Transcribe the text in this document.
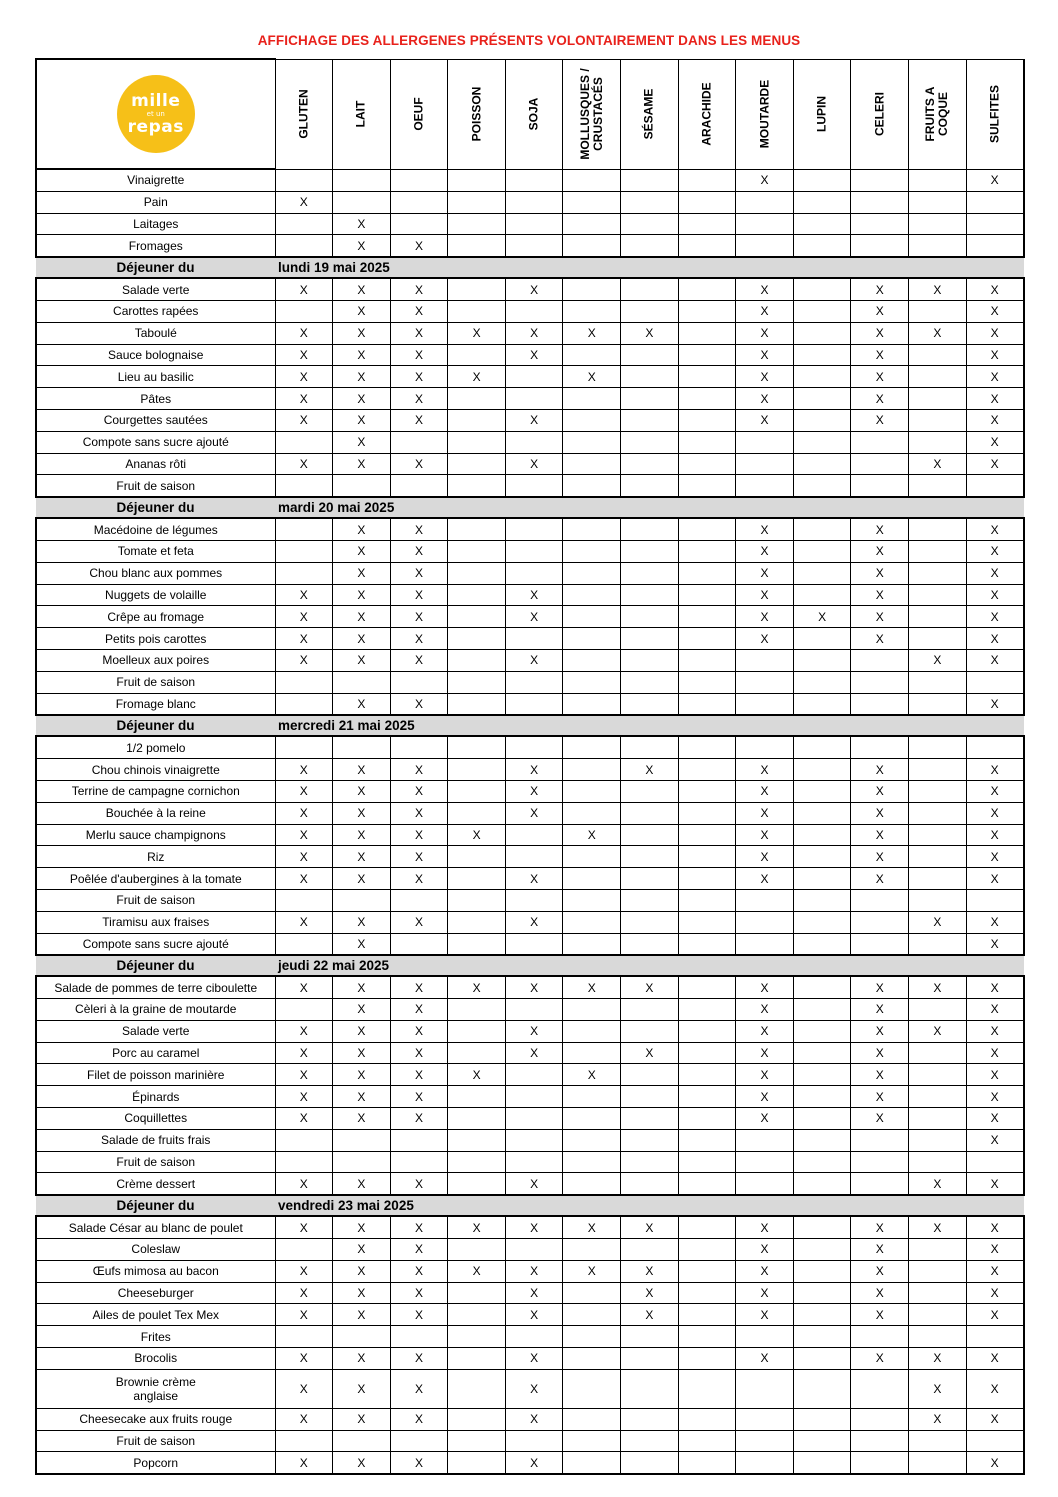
AFFICHAGE DES ALLERGENES PRÉSENTS VOLONTAIREMENT DANS LES MENUS
mille
et un
repas	GLUTEN	LAIT	OEUF	POISSON	SOJA	MOLLUSQUES /
CRUSTACÉS	SÉSAME	ARACHIDE	MOUTARDE	LUPIN	CELERI	FRUITS A
COQUE	SULFITES

Vinaigrette									X				X
Pain	X												
Laitages		X											
Fromages		X	X										
Déjeuner du	lundi 19 mai 2025												
Salade verte	X	X	X		X				X		X	X	X
Carottes rapées		X	X						X		X		X
Taboulé	X	X	X	X	X	X	X		X		X	X	X
Sauce bolognaise	X	X	X		X				X		X		X
Lieu au basilic	X	X	X	X		X			X		X		X
Pâtes	X	X	X						X		X		X
Courgettes sautées	X	X	X		X				X		X		X
Compote sans sucre ajouté		X											X
Ananas rôti	X	X	X		X							X	X
Fruit de saison													
Déjeuner du	mardi 20 mai 2025												
Macédoine de légumes		X	X						X		X		X
Tomate et feta		X	X						X		X		X
Chou blanc aux pommes		X	X						X		X		X
Nuggets de volaille	X	X	X		X				X		X		X
Crêpe au fromage	X	X	X		X				X	X	X		X
Petits pois carottes	X	X	X						X		X		X
Moelleux aux poires	X	X	X		X							X	X
Fruit de saison													
Fromage blanc		X	X										X
Déjeuner du	mercredi 21 mai 2025												
1/2 pomelo													
Chou chinois vinaigrette	X	X	X		X		X		X		X		X
Terrine de campagne cornichon	X	X	X		X				X		X		X
Bouchée à la reine	X	X	X		X				X		X		X
Merlu sauce champignons	X	X	X	X		X			X		X		X
Riz	X	X	X						X		X		X
Poêlée d'aubergines à la tomate	X	X	X		X				X		X		X
Fruit de saison													
Tiramisu aux fraises	X	X	X		X							X	X
Compote sans sucre ajouté		X											X
Déjeuner du	jeudi 22 mai 2025												
Salade de pommes de terre ciboulette	X	X	X	X	X	X	X		X		X	X	X
Cèleri à la graine de moutarde		X	X						X		X		X
Salade verte	X	X	X		X				X		X	X	X
Porc au caramel	X	X	X		X		X		X		X		X
Filet de poisson marinière	X	X	X	X		X			X		X		X
Épinards	X	X	X						X		X		X
Coquillettes	X	X	X						X		X		X
Salade de fruits frais													X
Fruit de saison													
Crème dessert	X	X	X		X							X	X
Déjeuner du	vendredi 23 mai 2025												
Salade César au blanc de poulet	X	X	X	X	X	X	X		X		X	X	X
Coleslaw		X	X						X		X		X
Œufs mimosa au bacon	X	X	X	X	X	X	X		X		X		X
Cheeseburger	X	X	X		X		X		X		X		X
Ailes de poulet Tex Mex	X	X	X		X		X		X		X		X
Frites													
Brocolis	X	X	X		X				X		X	X	X
Brownie crème
anglaise	X	X	X		X							X	X
Cheesecake aux fruits rouge	X	X	X		X							X	X
Fruit de saison													
Popcorn	X	X	X		X								X
